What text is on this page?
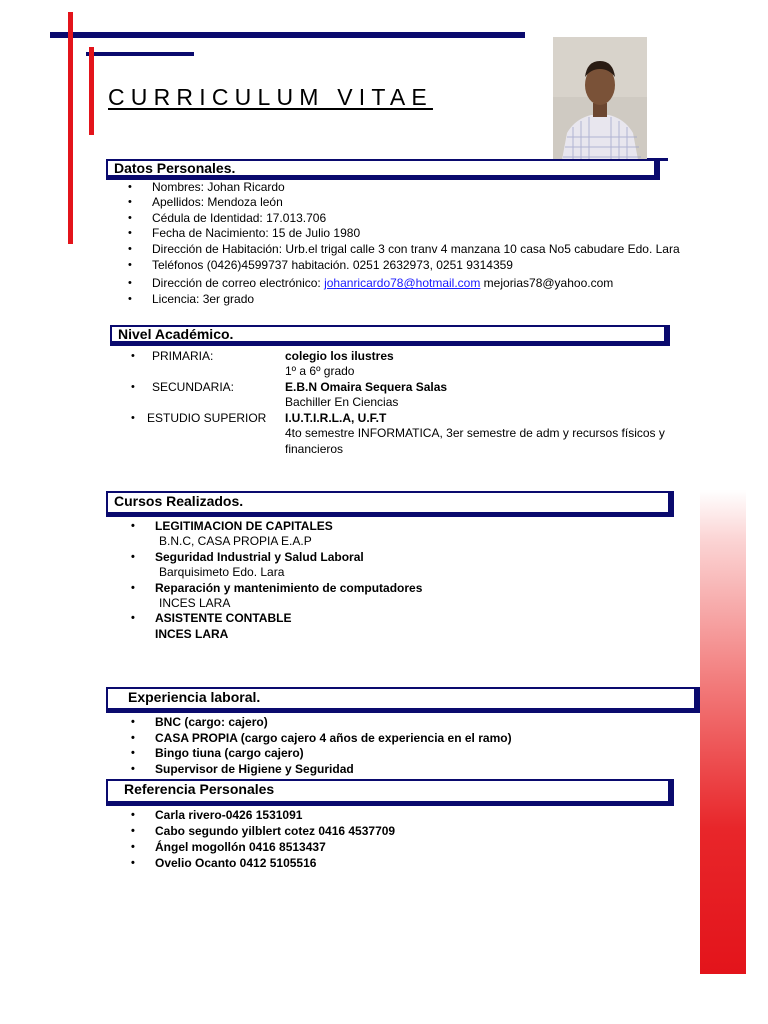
CURRICULUM VITAE
Datos Personales.
• Nombres: Johan Ricardo
• Apellidos: Mendoza león
• Cédula de Identidad: 17.013.706
• Fecha de Nacimiento: 15 de Julio 1980
• Dirección de Habitación: Urb.el trigal calle 3 con tranv 4 manzana 10 casa No5 cabudare Edo. Lara
• Teléfonos (0426)4599737 habitación. 0251 2632973, 0251 9314359
• Dirección de correo electrónico: johanricardo78@hotmail.com mejorias78@yahoo.com
• Licencia: 3er grado
Nivel Académico.
• PRIMARIA:	colegio los ilustres
1º a 6º grado
• SECUNDARIA:	E.B.N Omaira Sequera Salas
Bachiller En Ciencias
• ESTUDIO SUPERIOR I.U.T.I.R.L.A, U.F.T
4to semestre INFORMATICA, 3er semestre de adm y recursos físicos y financieros
Cursos Realizados.
• LEGITIMACION DE CAPITALES
B.N.C, CASA PROPIA E.A.P
• Seguridad Industrial y Salud Laboral
Barquisimeto Edo. Lara
• Reparación y mantenimiento de computadores
INCES LARA
• ASISTENTE CONTABLE
INCES LARA
Experiencia laboral.
• BNC (cargo: cajero)
• CASA PROPIA (cargo cajero 4 años de experiencia en el ramo)
• Bingo tiuna (cargo cajero)
• Supervisor de Higiene y Seguridad
Referencia Personales
• Carla rivero-0426 1531091
• Cabo segundo yilblert cotez 0416 4537709
• Ángel mogollón 0416 8513437
• Ovelio Ocanto 0412 5105516
